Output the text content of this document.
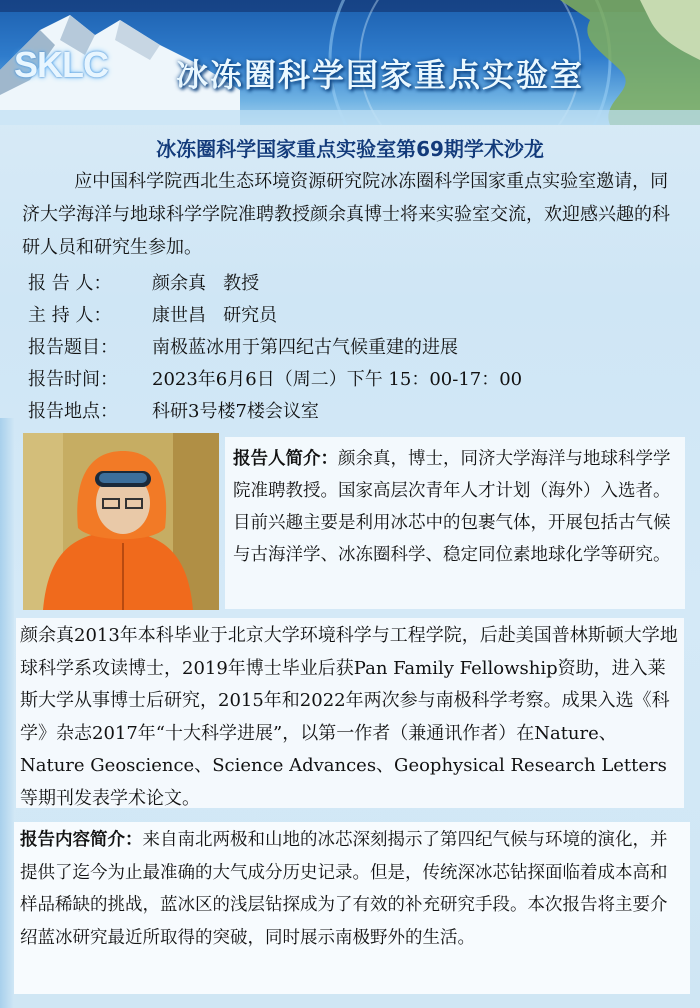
SKLC 冰冻圈科学国家重点实验室
冰冻圈科学国家重点实验室第69期学术沙龙

应中国科学院西北生态环境资源研究院冰冻圈科学国家重点实验室邀请，同济大学海洋与地球科学学院准聘教授颜余真博士将来实验室交流，欢迎感兴趣的科研人员和研究生参加。

报 告 人： 颜余真   教授
主 持 人： 康世昌   研究员
报告题目： 南极蓝冰用于第四纪古气候重建的进展
报告时间： 2023年6月6日（周二）下午 15：00-17：00
报告地点： 科研3号楼7楼会议室
报告人简介：颜余真，博士，同济大学海洋与地球科学学院准聘教授。国家高层次青年人才计划（海外）入选者。目前兴趣主要是利用冰芯中的包裹气体，开展包括古气候与古海洋学、冰冻圈科学、稳定同位素地球化学等研究。
颜余真2013年本科毕业于北京大学环境科学与工程学院，后赴美国普林斯顿大学地球科学系攻读博士，2019年博士毕业后获Pan Family Fellowship资助，进入莱斯大学从事博士后研究，2015年和2022年两次参与南极科学考察。成果入选《科学》杂志2017年“十大科学进展”，以第一作者（兼通讯作者）在Nature、Nature Geoscience、Science Advances、Geophysical Research Letters等期刊发表学术论文。
报告内容简介：来自南北两极和山地的冰芯深刻揭示了第四纪气候与环境的演化，并提供了迄今为止最准确的大气成分历史记录。但是，传统深冰芯钻探面临着成本高和样品稀缺的挑战，蓝冰区的浅层钻探成为了有效的补充研究手段。本次报告将主要介绍蓝冰研究最近所取得的突破，同时展示南极野外的生活。
